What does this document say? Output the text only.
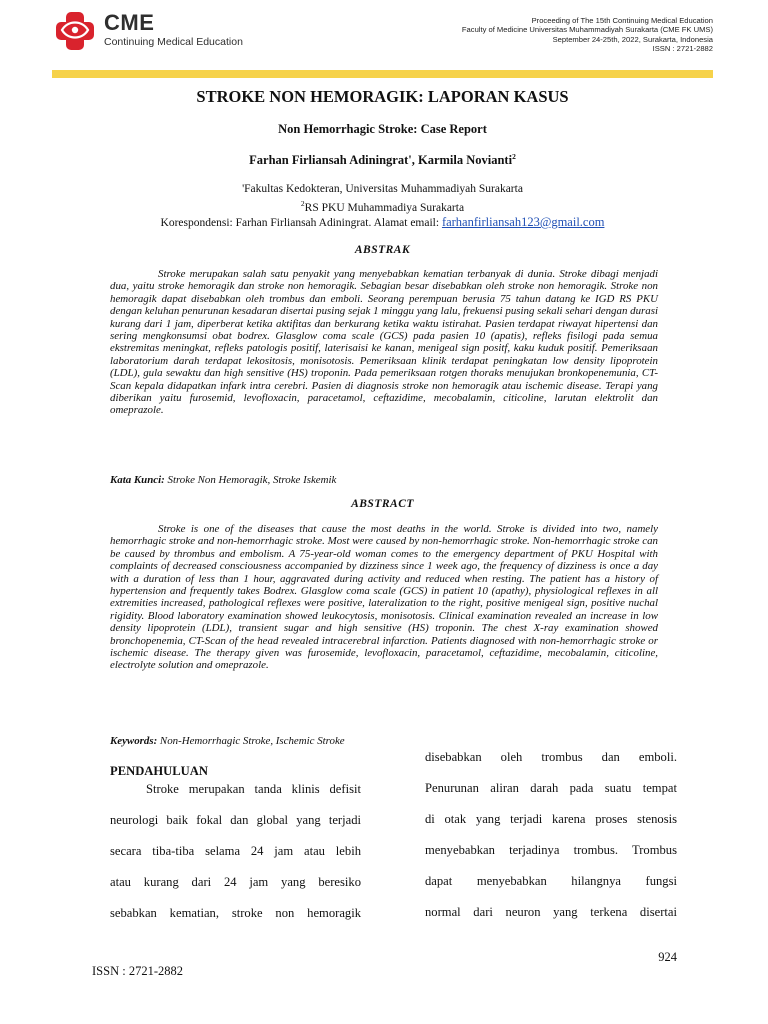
CME
Continuing Medical Education
Proceeding of The 15th Continuing Medical Education
Faculty of Medicine Universitas Muhammadiyah Surakarta (CME FK UMS)
September 24-25th, 2022, Surakarta, Indonesia
ISSN : 2721-2882
STROKE NON HEMORAGIK: LAPORAN KASUS
Non Hemorrhagic Stroke: Case Report
Farhan Firliansah Adiningrat', Karmila Novianti$^2$
'Fakultas Kedokteran, Universitas Muhammadiyah Surakarta
$^2$RS PKU Muhammadiya Surakarta
Korespondensi: Farhan Firliansah Adiningrat. Alamat email: farhanfirliansah123@gmail.com
ABSTRAK

Stroke merupakan salah satu penyakit yang menyebabkan kematian terbanyak di dunia. Stroke dibagi menjadi dua, yaitu stroke hemoragik dan stroke non hemoragik. Sebagian besar disebabkan oleh stroke non hemoragik. Stroke non hemoragik dapat disebabkan oleh trombus dan emboli. Seorang perempuan berusia 75 tahun datang ke IGD RS PKU dengan keluhan penurunan kesadaran disertai pusing sejak 1 minggu yang lalu, frekuensi pusing sekali sehari dengan durasi kurang dari 1 jam, diperberat ketika aktifitas dan berkurang ketika waktu istirahat. Pasien terdapat riwayat hipertensi dan sering mengkonsumsi obat bodrex. Glasglow coma scale (GCS) pada pasien 10 (apatis), refleks fisilogi pada semua ekstremitas meningkat, refleks patologis positif, laterisaisi ke kanan, menigeal sign positf, kaku kuduk positif. Pemeriksaan laboratorium darah terdapat lekositosis, monisotosis. Pemeriksaan klinik terdapat peningkatan low density lipoprotein (LDL), gula sewaktu dan high sensitive (HS) troponin. Pada pemeriksaan rotgen thoraks menujukan bronkopenemunia, CT-Scan kepala didapatkan infark intra cerebri. Pasien di diagnosis stroke non hemoragik atau ischemic disease. Terapi yang diberikan yaitu furosemid, levofloxacin, paracetamol, ceftazidime, mecobalamin, citicoline, larutan elektrolit dan omeprazole.

Kata Kunci: Stroke Non Hemoragik, Stroke Iskemik
ABSTRACT

Stroke is one of the diseases that cause the most deaths in the world. Stroke is divided into two, namely hemorrhagic stroke and non-hemorrhagic stroke. Most were caused by non-hemorrhagic stroke. Non-hemorrhagic stroke can be caused by thrombus and embolism. A 75-year-old woman comes to the emergency department of PKU Hospital with complaints of decreased consciousness accompanied by dizziness since 1 week ago, the frequency of dizziness is once a day with a duration of less than 1 hour, aggravated during activity and reduced when resting. The patient has a history of hypertension and frequently takes Bodrex. Glasglow coma scale (GCS) in patient 10 (apathy), physiological reflexes in all extremities increased, pathological reflexes were positive, lateralization to the right, positive menigeal sign, positive nuchal rigidity. Blood laboratory examination showed leukocytosis, monisotosis. Clinical examination revealed an increase in low density lipoprotein (LDL), transient sugar and high sensitive (HS) troponin. The chest X-ray examination showed bronchopenemia, CT-Scan of the head revealed intracerebral infarction. Patients diagnosed with non-hemorrhagic stroke or ischemic disease. The therapy given was furosemide, levofloxacin, paracetamol, ceftazidime, mecobalamin, citicoline, electrolyte solution and omeprazole.

Keywords: Non-Hemorrhagic Stroke, Ischemic Stroke
PENDAHULUAN
Stroke merupakan tanda klinis defisit
neurologi baik fokal dan global yang terjadi
secara tiba-tiba selama 24 jam atau lebih
atau kurang dari 24 jam yang beresiko
sebabkan kematian, stroke non hemoragik
disebabkan oleh trombus dan emboli.
Penurunan aliran darah pada suatu tempat
di otak yang terjadi karena proses stenosis
menyebabkan terjadinya trombus. Trombus
dapat menyebabkan hilangnya fungsi
normal dari neuron yang terkena disertai
924
ISSN : 2721-2882
